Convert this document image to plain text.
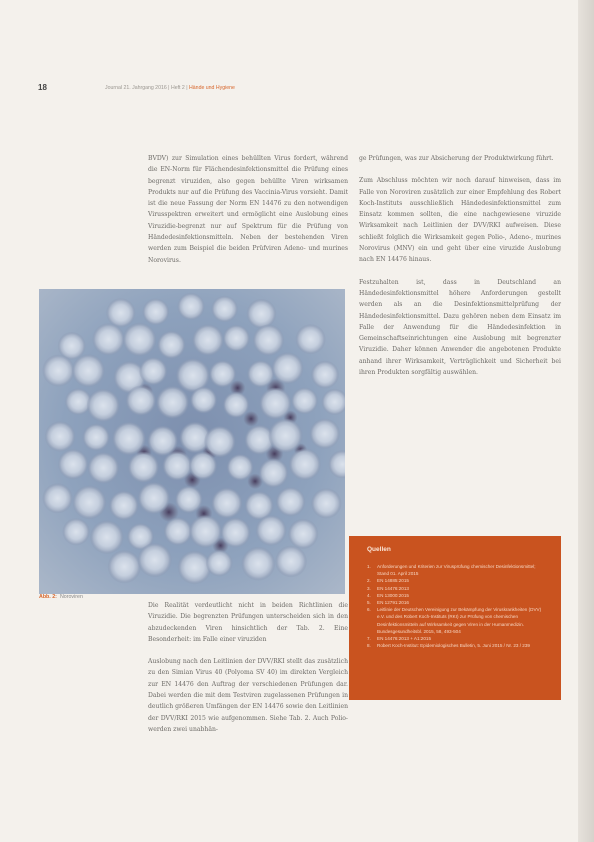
18	Journal 21. Jahrgang 2016 | Heft 2 | Hände und Hygiene

BVDV) zur Simulation eines behüllten Virus fordert, während die EN-Norm für Flächendesinfektionsmittel die Prüfung eines begrenzt viruziden, also gegen behüllte Viren wirksamen Produkts nur auf die Prüfung des Vaccinia-Virus vorsieht. Damit ist die neue Fassung der Norm EN 14476 zu den notwendigen Virusspektren erweitert und ermöglicht eine Auslobung eines Viruzidie-begrenzt nur auf Spektrum für die Prüfung von Händedesinfektionsmitteln. Neben der bestehenden Viren werden zum Beispiel die beiden Prüfviren Adeno- und murines Norovirus.

ge Prüfungen, was zur Absicherung der Produktwirkung führt.

Zum Abschluss möchten wir noch darauf hinweisen, dass im Falle von Noroviren zusätzlich zur einer Empfehlung des Robert Koch-Instituts ausschließlich Händedesinfektionsmittel zum Einsatz kommen sollten, die eine nachgewiesene viruzide Wirksamkeit nach Leitlinien der DVV/RKI aufweisen. Diese schließt folglich die Wirksamkeit gegen Polio-, Adeno-, murines Norovirus (MNV) ein und geht über eine viruzide Auslobung nach EN 14476 hinaus.

Festzuhalten ist, dass in Deutschland an Händedesinfektionsmittel höhere Anforderungen gestellt werden als an die Desinfektionsmittelprüfung der Händedesinfektionsmittel. Dazu gehören neben dem Einsatz im Falle der Anwendung für die Händedesinfektion in Gemeinschaftseinrichtungen eine Auslobung mit begrenzter Viruzidie. Daher können Anwender die angebotenen Produkte anhand ihrer Wirksamkeit, Verträglichkeit und Sicherheit bei ihren Produkten sorgfältig auswählen.

Abb. 2: Noroviren

Die Realität verdeutlicht nicht in beiden Richtlinien die Viruzidie. Die begrenzten Prüfungen unterscheiden sich in den abzudeckenden Viren hinsichtlich der Tab. 2. Eine Besonderheit: im Falle einer viruziden

Auslobung nach den Leitlinien der DVV/RKI stellt das zusätzlich zu den Simian Virus 40 (Polyoma SV 40) im direkten Vergleich zur EN 14476 den Auftrag der verschiedenen Prüfungen dar. Dabei werden die mit dem Testviren zugelassenen Prüfungen in deutlich größeren Umfängen der EN 14476 sowie den Leitlinien der DVV/RKI 2015 wie aufgenommen. Siehe Tab. 2. Auch Polio- werden zwei unabhän-

Quellen
1.	Anforderungen und Kriterien zur Virusprüfung chemischer Desinfektionsmittel; Stand 01. April 2015
2.	EN 14885:2015
3.	EN 14476:2013
4.	EN 13000:2015
5.	EN 12791:2016
6.	Leitlinie der Deutschen Vereinigung zur Bekämpfung der Viruskrankheiten (DVV) e.V. und des Robert Koch-Instituts (RKI) zur Prüfung von chemischen Desinfektionsmitteln auf Wirksamkeit gegen Viren in der Humanmedizin. Bundesgesundheitsbl. 2015, 58, 493-504
7.	EN 14476:2013 + A1:2015
8.	Robert Koch-Institut: Epidemiologisches Bulletin, 5. Juni 2015 / Nr. 23 / 239
